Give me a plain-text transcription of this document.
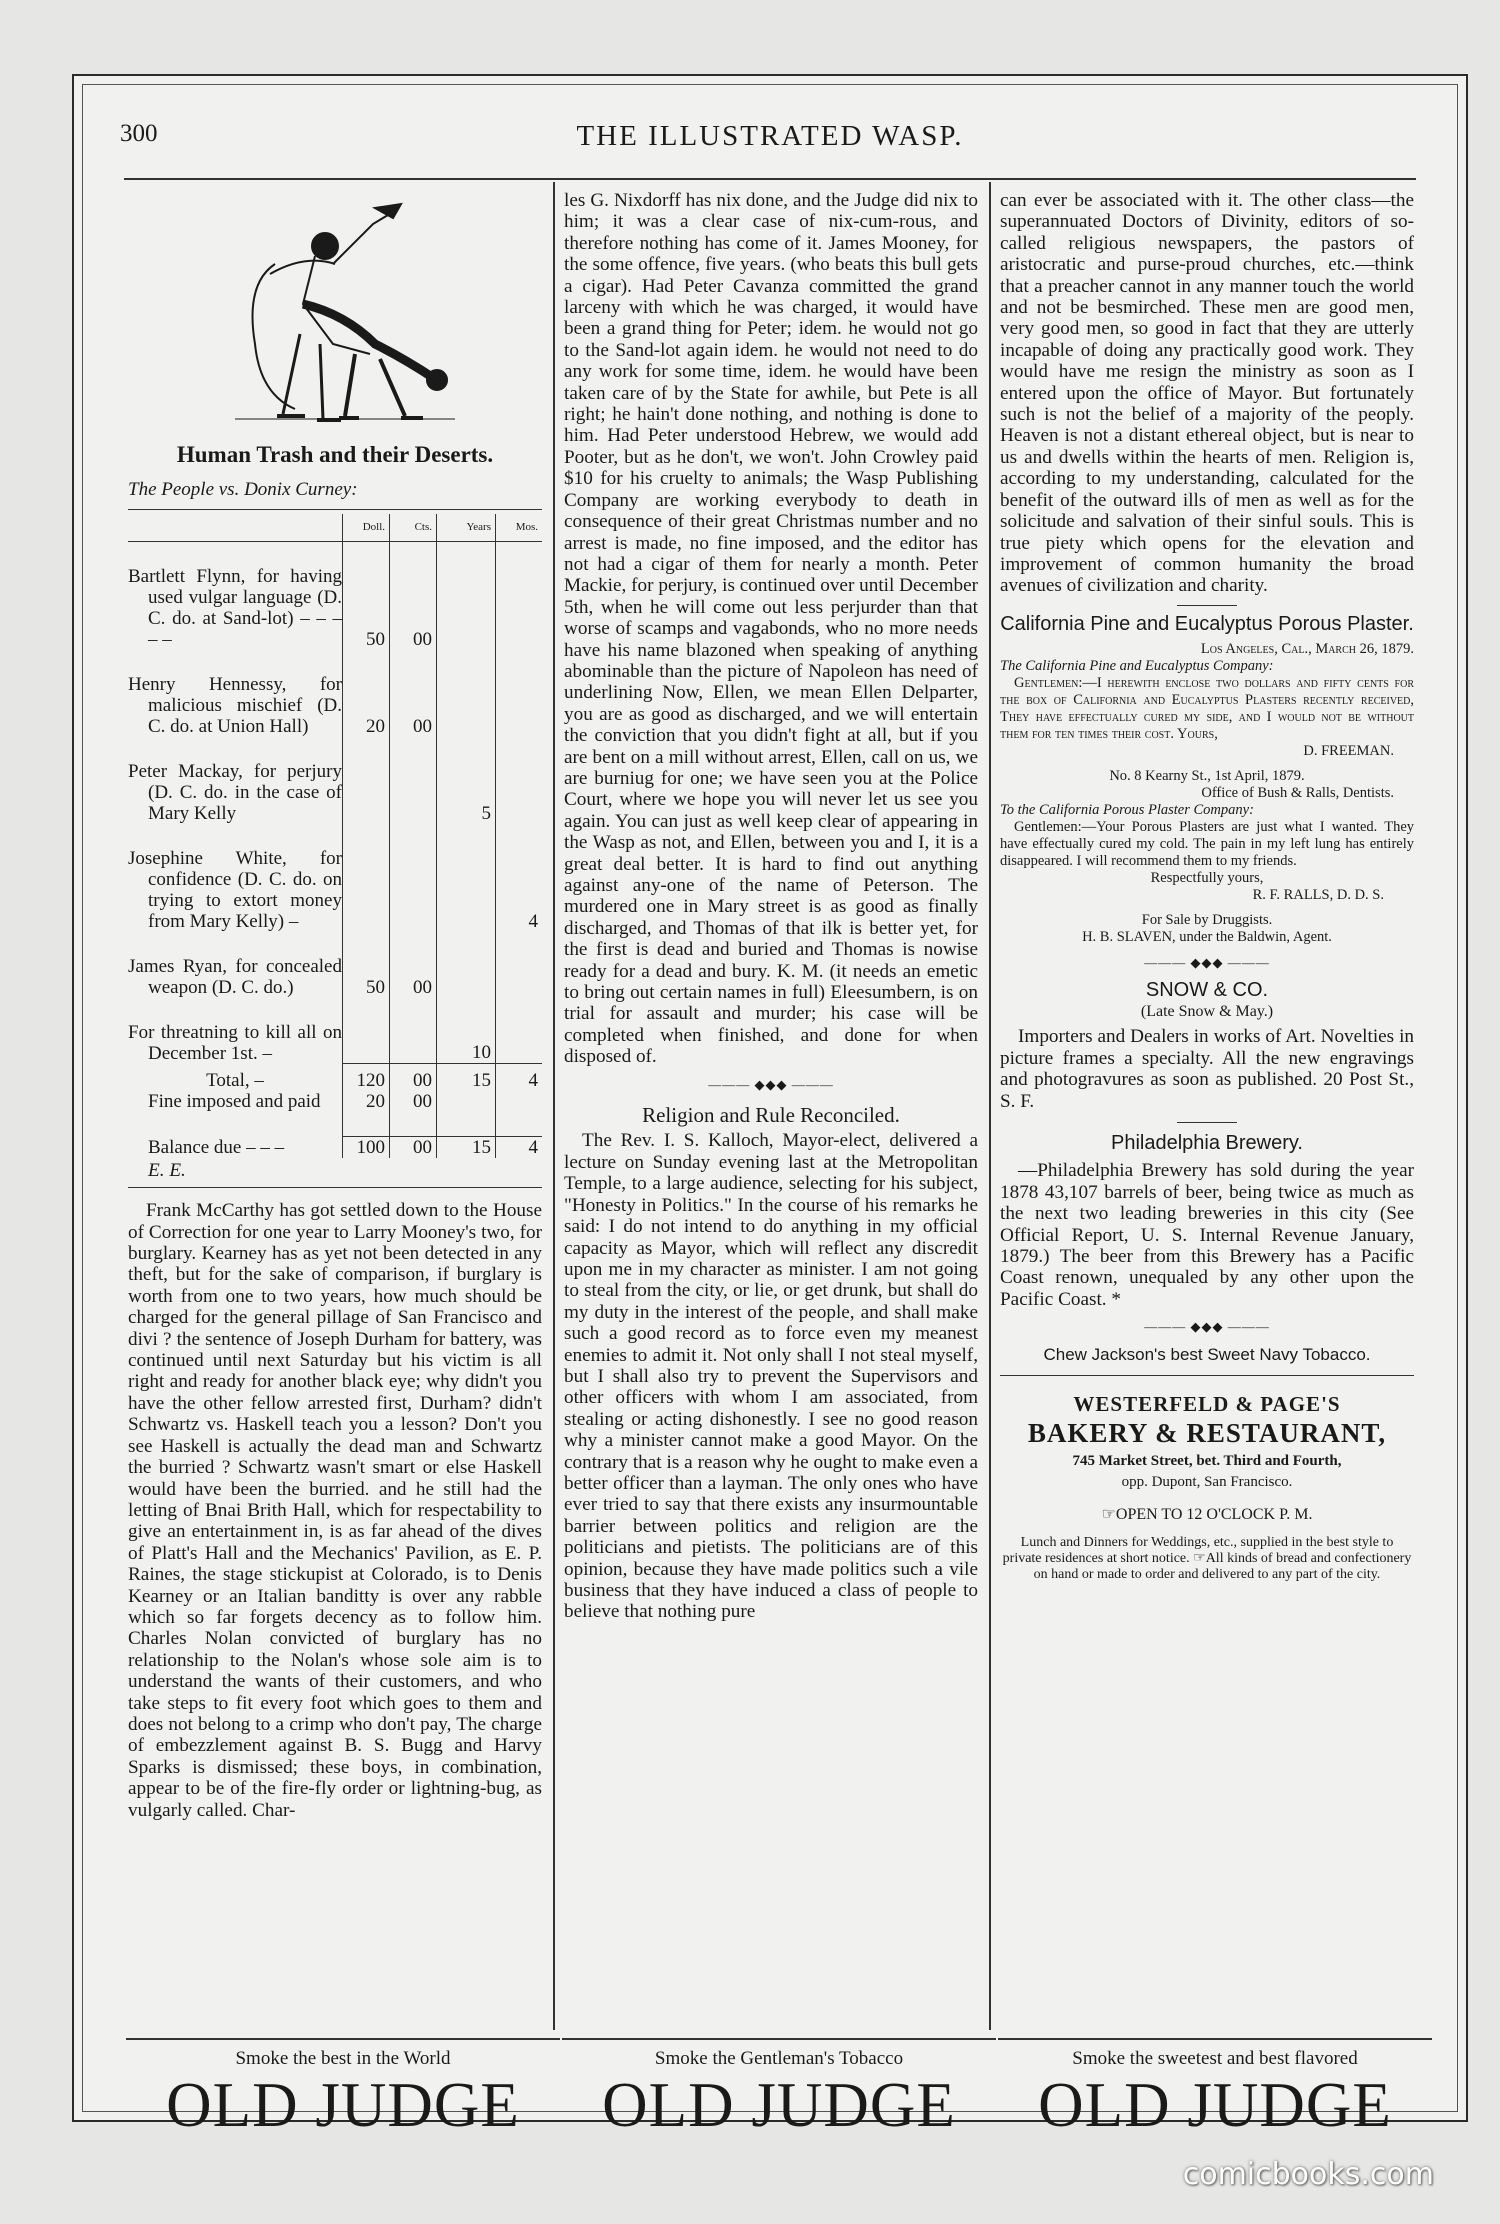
300	THE ILLUSTRATED WASP.
Human Trash and their Deserts.
The People vs. Donix Curney:
	Doll.	Cts.	Years	Mos.

Bartlett Flynn, for having used vulgar language (D. C. do. at Sand-lot) – – – – –	50	00		

Henry Hennessy, for malicious mischief (D. C. do. at Union Hall)	20	00		

Peter Mackay, for perjury (D. C. do. in the case of Mary Kelly			5	

Josephine White, for confidence (D. C. do. on trying to extort money from Mary Kelly) –				4

James Ryan, for concealed weapon (D. C. do.)	50	00		

For threatning to kill all on December 1st. –			10	
Total, –	120	00	15	4
Fine imposed and paid	20	00		

Balance due – – –	100	00	15	4
E. E.

Frank McCarthy has got settled down to the House of Correction for one year to Larry Mooney's two, for burglary. Kearney has as yet not been detected in any theft, but for the sake of comparison, if burglary is worth from one to two years, how much should be charged for the general pillage of San Francisco and divi ? the sentence of Joseph Durham for battery, was continued until next Saturday but his victim is all right and ready for another black eye; why didn't you have the other fellow arrested first, Durham? didn't Schwartz vs. Haskell teach you a lesson? Don't you see Haskell is actually the dead man and Schwartz the burried ? Schwartz wasn't smart or else Haskell would have been the burried. and he still had the letting of Bnai Brith Hall, which for respectability to give an entertainment in, is as far ahead of the dives of Platt's Hall and the Mechanics' Pavilion, as E. P. Raines, the stage stickupist at Colorado, is to Denis Kearney or an Italian banditty is over any rabble which so far forgets decency as to follow him. Charles Nolan convicted of burglary has no relationship to the Nolan's whose sole aim is to understand the wants of their customers, and who take steps to fit every foot which goes to them and does not belong to a crimp who don't pay, The charge of embezzlement against B. S. Bugg and Harvy Sparks is dismissed; these boys, in combination, appear to be of the fire-fly order or lightning-bug, as vulgarly called. Char-

les G. Nixdorff has nix done, and the Judge did nix to him; it was a clear case of nix-cum-rous, and therefore nothing has come of it. James Mooney, for the some offence, five years. (who beats this bull gets a cigar). Had Peter Cavanza committed the grand larceny with which he was charged, it would have been a grand thing for Peter; idem. he would not go to the Sand-lot again idem. he would not need to do any work for some time, idem. he would have been taken care of by the State for awhile, but Pete is all right; he hain't done nothing, and nothing is done to him. Had Peter understood Hebrew, we would add Pooter, but as he don't, we won't. John Crowley paid $10 for his cruelty to animals; the Wasp Publishing Company are working everybody to death in consequence of their great Christmas number and no arrest is made, no fine imposed, and the editor has not had a cigar of them for nearly a month. Peter Mackie, for perjury, is continued over until December 5th, when he will come out less perjurder than that worse of scamps and vagabonds, who no more needs have his name blazoned when speaking of anything abominable than the picture of Napoleon has need of underlining Now, Ellen, we mean Ellen Delparter, you are as good as discharged, and we will entertain the conviction that you didn't fight at all, but if you are bent on a mill without arrest, Ellen, call on us, we are burniug for one; we have seen you at the Police Court, where we hope you will never let us see you again. You can just as well keep clear of appearing in the Wasp as not, and Ellen, between you and I, it is a great deal better. It is hard to find out anything against any-one of the name of Peterson. The murdered one in Mary street is as good as finally discharged, and Thomas of that ilk is better yet, for the first is dead and buried and Thomas is nowise ready for a dead and bury. K. M. (it needs an emetic to bring out certain names in full) Eleesumbern, is on trial for assault and murder; his case will be completed when finished, and done for when disposed of.

——— ◆◆◆ ———
Religion and Rule Reconciled.

The Rev. I. S. Kalloch, Mayor-elect, delivered a lecture on Sunday evening last at the Metropolitan Temple, to a large audience, selecting for his subject, "Honesty in Politics." In the course of his remarks he said: I do not intend to do anything in my official capacity as Mayor, which will reflect any discredit upon me in my character as minister. I am not going to steal from the city, or lie, or get drunk, but shall do my duty in the interest of the people, and shall make such a good record as to force even my meanest enemies to admit it. Not only shall I not steal myself, but I shall also try to prevent the Supervisors and other officers with whom I am associated, from stealing or acting dishonestly. I see no good reason why a minister cannot make a good Mayor. On the contrary that is a reason why he ought to make even a better officer than a layman. The only ones who have ever tried to say that there exists any insurmountable barrier between politics and religion are the politicians and pietists. The politicians are of this opinion, because they have made politics such a vile business that they have induced a class of people to believe that nothing pure

can ever be associated with it. The other class—the superannuated Doctors of Divinity, editors of so-called religious newspapers, the pastors of aristocratic and purse-proud churches, etc.—think that a preacher cannot in any manner touch the world and not be besmirched. These men are good men, very good men, so good in fact that they are utterly incapable of doing any practically good work. They would have me resign the ministry as soon as I entered upon the office of Mayor. But fortunately such is not the belief of a majority of the peoply. Heaven is not a distant ethereal object, but is near to us and dwells within the hearts of men. Religion is, according to my understanding, calculated for the benefit of the outward ills of men as well as for the solicitude and salvation of their sinful souls. This is true piety which opens for the elevation and improvement of common humanity the broad avenues of civilization and charity.

California Pine and Eucalyptus Porous Plaster.
Los Angeles, Cal., March 26, 1879.
The California Pine and Eucalyptus Company:

Gentlemen:—I herewith enclose two dollars and fifty cents for the box of California and Eucalyptus Plasters recently received, They have effectually cured my side, and I would not be without them for ten times their cost. Yours,

D. FREEMAN.
No. 8 Kearny St., 1st April, 1879.
Office of Bush & Ralls, Dentists.
To the California Porous Plaster Company:

Gentlemen:—Your Porous Plasters are just what I wanted. They have effectually cured my cold. The pain in my left lung has entirely disappeared. I will recommend them to my friends.

Respectfully yours,
R. F. RALLS, D. D. S.
For Sale by Druggists.
H. B. SLAVEN, under the Baldwin, Agent.
——— ◆◆◆ ———
SNOW & CO.
(Late Snow & May.)

Importers and Dealers in works of Art. Novelties in picture frames a specialty. All the new engravings and photogravures as soon as published. 20 Post St., S. F.

Philadelphia Brewery.

—Philadelphia Brewery has sold during the year 1878 43,107 barrels of beer, being twice as much as the next two leading breweries in this city (See Official Report, U. S. Internal Revenue January, 1879.) The beer from this Brewery has a Pacific Coast renown, unequaled by any other upon the Pacific Coast. *

——— ◆◆◆ ———
Chew Jackson's best Sweet Navy Tobacco.
WESTERFELD & PAGE'S
BAKERY & RESTAURANT,
745 Market Street, bet. Third and Fourth,
opp. Dupont, San Francisco.
☞OPEN TO 12 O'CLOCK P. M.
Lunch and Dinners for Weddings, etc., supplied in the best style to private residences at short notice. ☞All kinds of bread and confectionery on hand or made to order and delivered to any part of the city.
Smoke the best in the World
OLD JUDGE
Smoke the Gentleman's Tobacco
OLD JUDGE
Smoke the sweetest and best flavored
OLD JUDGE
comicbooks.com
